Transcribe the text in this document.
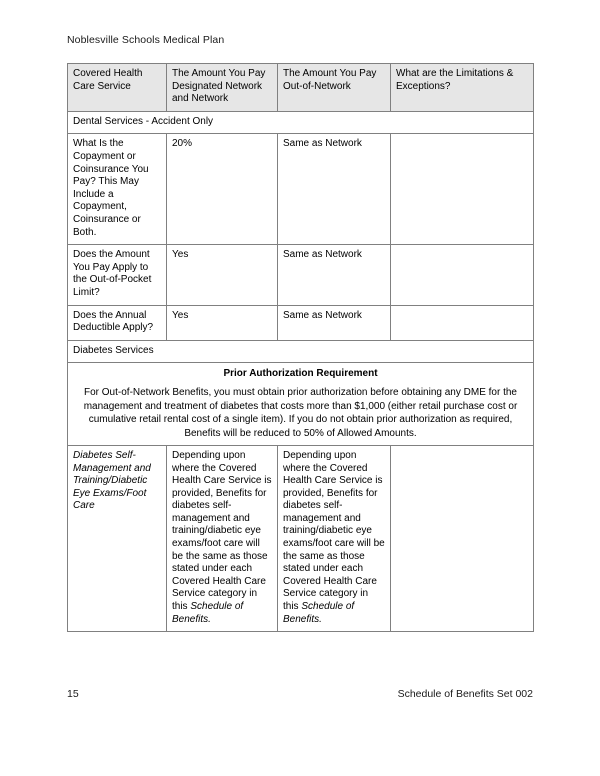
Noblesville Schools Medical Plan
Covered Health Care Service	The Amount You Pay Designated Network and Network	The Amount You Pay Out-of-Network	What are the Limitations & Exceptions?
Dental Services - Accident Only			
What Is the Copayment or Coinsurance You Pay? This May Include a Copayment, Coinsurance or Both.	20%	Same as Network	
Does the Amount You Pay Apply to the Out-of-Pocket Limit?	Yes	Same as Network	
Does the Annual Deductible Apply?	Yes	Same as Network	
Diabetes Services			

Prior Authorization Requirement

For Out-of-Network Benefits, you must obtain prior authorization before obtaining any DME for the management and treatment of diabetes that costs more than $1,000 (either retail purchase cost or cumulative retail rental cost of a single item). If you do not obtain prior authorization as required, Benefits will be reduced to 50% of Allowed Amounts.			

Diabetes Self-Management and Training/Diabetic Eye Exams/Foot Care	Depending upon where the Covered Health Care Service is provided, Benefits for diabetes self-management and training/diabetic eye exams/foot care will be the same as those stated under each Covered Health Care Service category in this Schedule of Benefits.	Depending upon where the Covered Health Care Service is provided, Benefits for diabetes self-management and training/diabetic eye exams/foot care will be the same as those stated under each Covered Health Care Service category in this Schedule of Benefits.	
15	Schedule of Benefits Set 002
